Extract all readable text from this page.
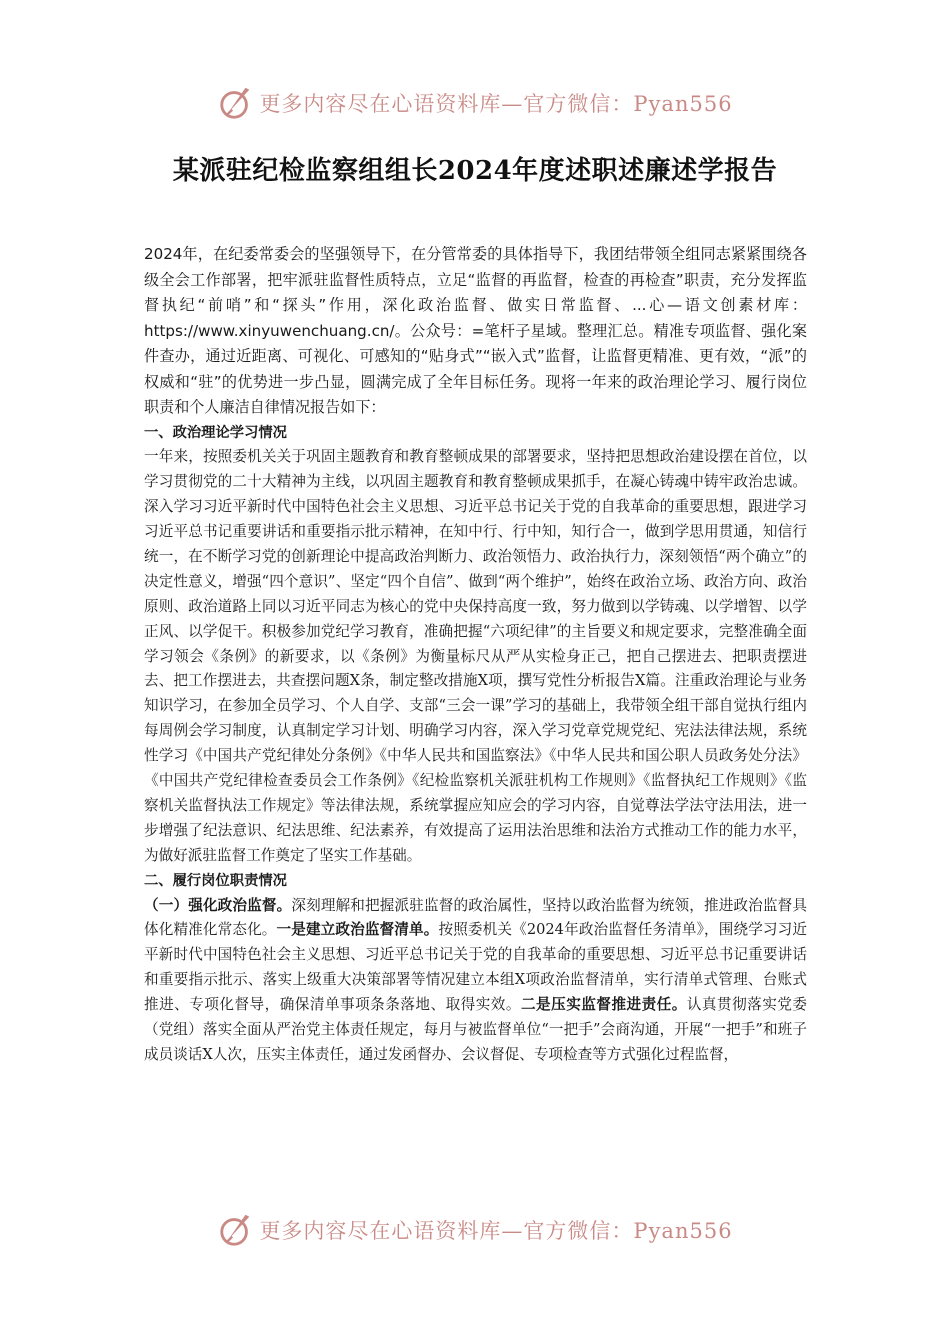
更多内容尽在心语资料库—官方微信：Pyan556
某派驻纪检监察组组长2024年度述职述廉述学报告

2024年，在纪委常委会的坚强领导下，在分管常委的具体指导下，我团结带领全组同志紧紧围绕各级全会工作部署，把牢派驻监督性质特点，立足“监督的再监督，检查的再检查”职责，充分发挥监督执纪“前哨”和“探头”作用，深化政治监督、做实日常监督、...心—语文创素材库：https://www.xinyuwenchuang.cn/。公众号：=笔杆子星域。整理汇总。精准专项监督、强化案件查办，通过近距离、可视化、可感知的“贴身式”“嵌入式”监督，让监督更精准、更有效，“派”的权威和“驻”的优势进一步凸显，圆满完成了全年目标任务。现将一年来的政治理论学习、履行岗位职责和个人廉洁自律情况报告如下：

一、政治理论学习情况

一年来，按照委机关关于巩固主题教育和教育整顿成果的部署要求，坚持把思想政治建设摆在首位，以学习贯彻党的二十大精神为主线，以巩固主题教育和教育整顿成果抓手，在凝心铸魂中铸牢政治忠诚。深入学习习近平新时代中国特色社会主义思想、习近平总书记关于党的自我革命的重要思想，跟进学习习近平总书记重要讲话和重要指示批示精神，在知中行、行中知，知行合一，做到学思用贯通，知信行统一，在不断学习党的创新理论中提高政治判断力、政治领悟力、政治执行力，深刻领悟“两个确立”的决定性意义，增强“四个意识”、坚定“四个自信”、做到“两个维护”，始终在政治立场、政治方向、政治原则、政治道路上同以习近平同志为核心的党中央保持高度一致，努力做到以学铸魂、以学增智、以学正风、以学促干。积极参加党纪学习教育，准确把握“六项纪律”的主旨要义和规定要求，完整准确全面学习领会《条例》的新要求，以《条例》为衡量标尺从严从实检身正己，把自己摆进去、把职责摆进去、把工作摆进去，共查摆问题X条，制定整改措施X项，撰写党性分析报告X篇。注重政治理论与业务知识学习，在参加全员学习、个人自学、支部“三会一课”学习的基础上，我带领全组干部自觉执行组内每周例会学习制度，认真制定学习计划、明确学习内容，深入学习党章党规党纪、宪法法律法规，系统性学习《中国共产党纪律处分条例》《中华人民共和国监察法》《中华人民共和国公职人员政务处分法》《中国共产党纪律检查委员会工作条例》《纪检监察机关派驻机构工作规则》《监督执纪工作规则》《监察机关监督执法工作规定》等法律法规，系统掌握应知应会的学习内容，自觉尊法学法守法用法，进一步增强了纪法意识、纪法思维、纪法素养，有效提高了运用法治思维和法治方式推动工作的能力水平，为做好派驻监督工作奠定了坚实工作基础。

二、履行岗位职责情况

（一）强化政治监督。深刻理解和把握派驻监督的政治属性，坚持以政治监督为统领，推进政治监督具体化精准化常态化。一是建立政治监督清单。按照委机关《2024年政治监督任务清单》，围绕学习习近平新时代中国特色社会主义思想、习近平总书记关于党的自我革命的重要思想、习近平总书记重要讲话和重要指示批示、落实上级重大决策部署等情况建立本组X项政治监督清单，实行清单式管理、台账式推进、专项化督导，确保清单事项条条落地、取得实效。二是压实监督推进责任。认真贯彻落实党委（党组）落实全面从严治党主体责任规定，每月与被监督单位“一把手”会商沟通，开展“一把手”和班子成员谈话X人次，压实主体责任，通过发函督办、会议督促、专项检查等方式强化过程监督，

更多内容尽在心语资料库—官方微信：Pyan556
